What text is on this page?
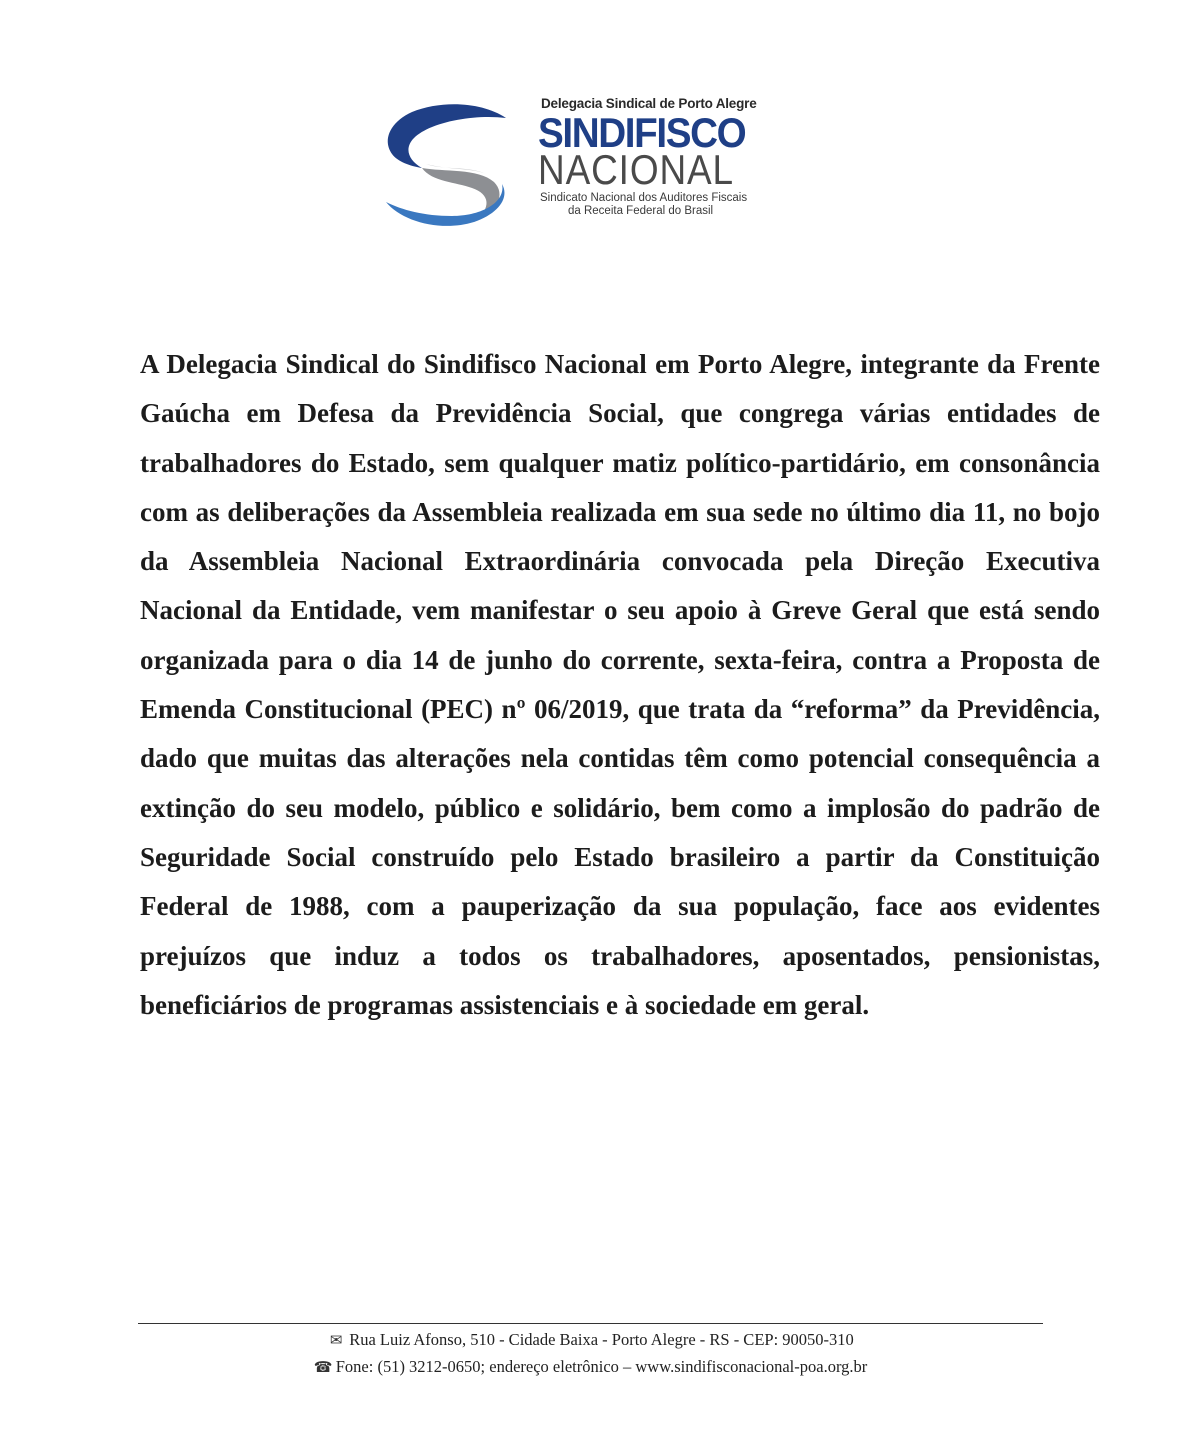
Delegacia Sindical de Porto Alegre
SINDIFISCO
NACIONAL
Sindicato Nacional dos Auditores Fiscais
da Receita Federal do Brasil

A Delegacia Sindical do Sindifisco Nacional em Porto Alegre, integrante da Frente Gaúcha em Defesa da Previdência Social, que congrega várias entidades de trabalhadores do Estado, sem qualquer matiz político-partidário, em consonância com as deliberações da Assembleia realizada em sua sede no último dia 11, no bojo da Assembleia Nacional Extraordinária convocada pela Direção Executiva Nacional da Entidade, vem manifestar o seu apoio à Greve Geral que está sendo organizada para o dia 14 de junho do corrente, sexta-feira, contra a Proposta de Emenda Constitucional (PEC) nº 06/2019, que trata da “reforma” da Previdência, dado que muitas das alterações nela contidas têm como potencial consequência a extinção do seu modelo, público e solidário, bem como a implosão do padrão de Seguridade Social construído pelo Estado brasileiro a partir da Constituição Federal de 1988, com a pauperização da sua população, face aos evidentes prejuízos que induz a todos os trabalhadores, aposentados, pensionistas, beneficiários de programas assistenciais e à sociedade em geral.

✉ Rua Luiz Afonso, 510 - Cidade Baixa - Porto Alegre - RS - CEP: 90050-310
☎ Fone: (51) 3212-0650; endereço eletrônico – www.sindifisconacional-poa.org.br
